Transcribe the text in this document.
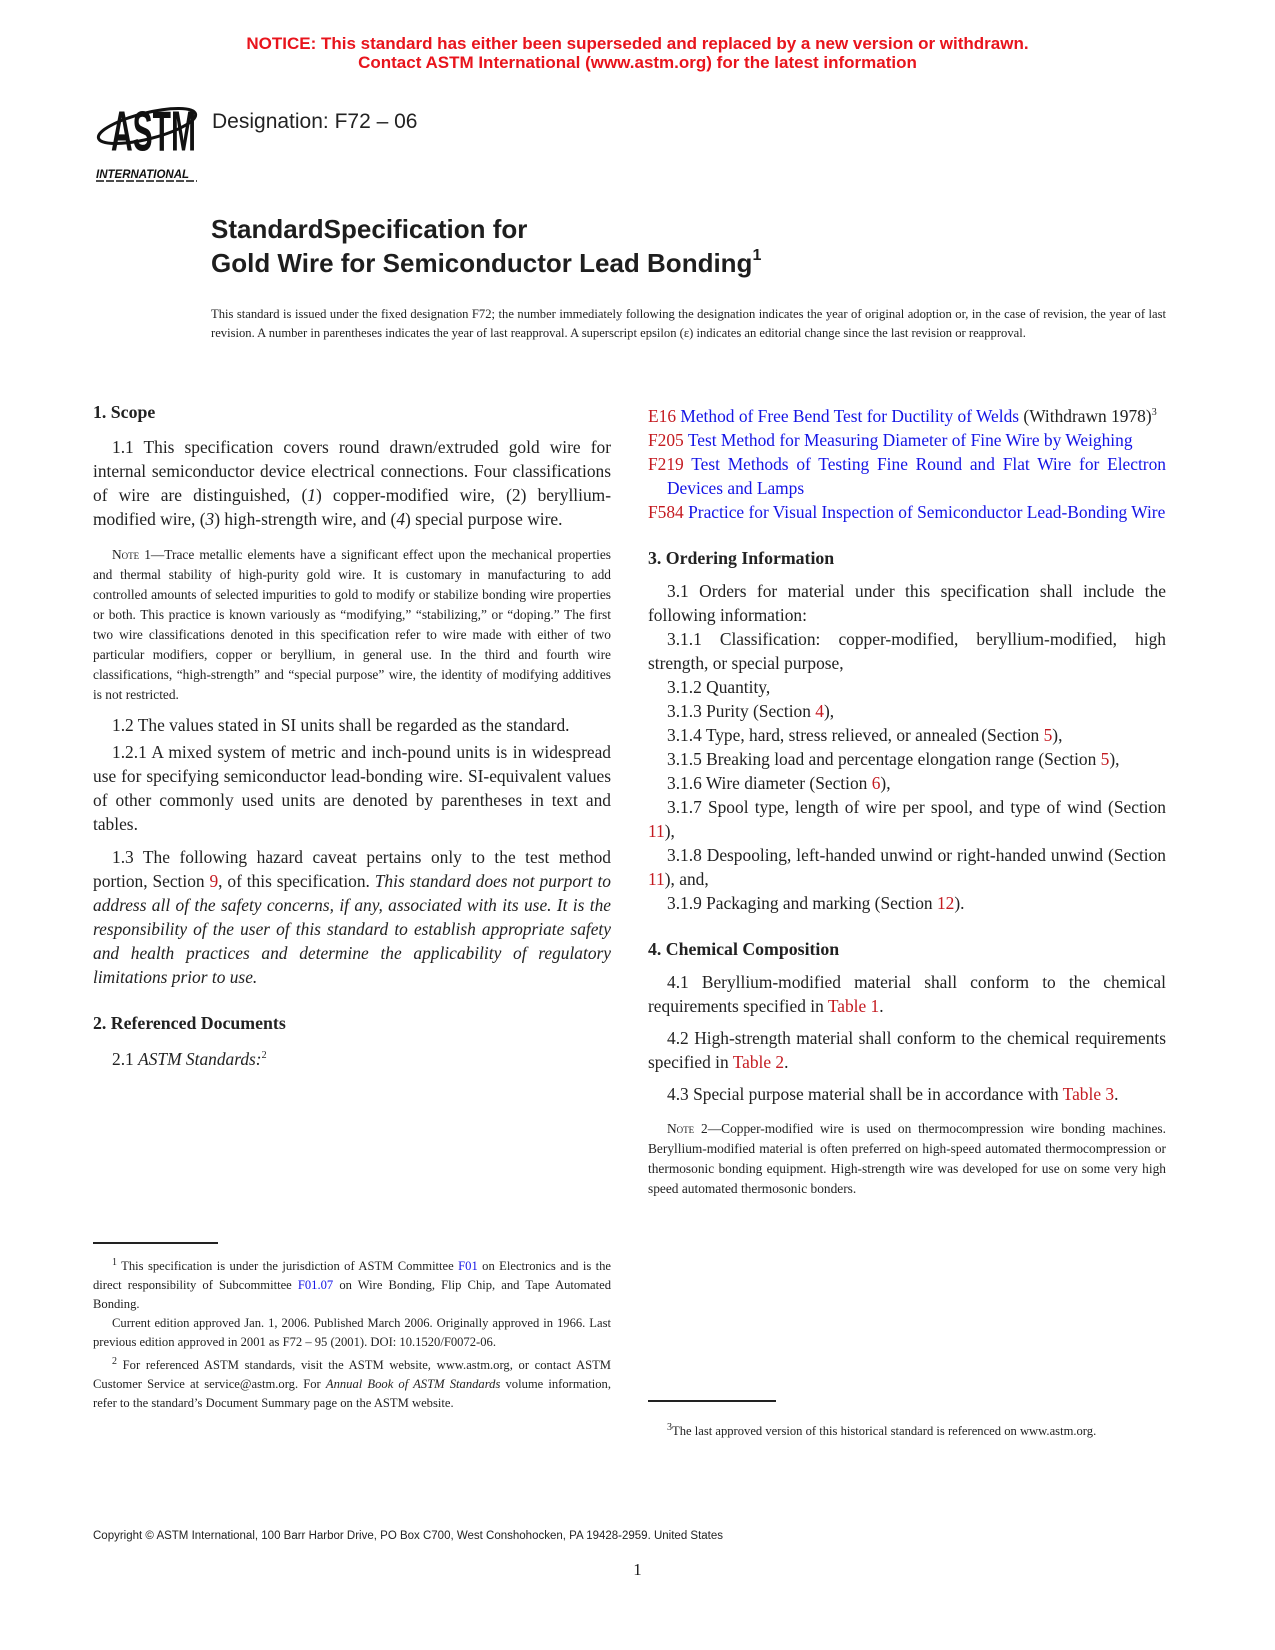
NOTICE: This standard has either been superseded and replaced by a new version or withdrawn.
Contact ASTM International (www.astm.org) for the latest information
ASTM
INTERNATIONAL
Designation: F72 – 06
StandardSpecification for
Gold Wire for Semiconductor Lead Bonding$^1$
This standard is issued under the fixed designation F72; the number immediately following the designation indicates the year of original adoption or, in the case of revision, the year of last revision. A number in parentheses indicates the year of last reapproval. A superscript epsilon (ε) indicates an editorial change since the last revision or reapproval.
1. Scope

1.1 This specification covers round drawn/extruded gold wire for internal semiconductor device electrical connections. Four classifications of wire are distinguished, (1) copper-modified wire, (2) beryllium-modified wire, (3) high-strength wire, and (4) special purpose wire.

Note 1—Trace metallic elements have a significant effect upon the mechanical properties and thermal stability of high-purity gold wire. It is customary in manufacturing to add controlled amounts of selected impurities to gold to modify or stabilize bonding wire properties or both. This practice is known variously as “modifying,” “stabilizing,” or “doping.” The first two wire classifications denoted in this specification refer to wire made with either of two particular modifiers, copper or beryllium, in general use. In the third and fourth wire classifications, “high-strength” and “special purpose” wire, the identity of modifying additives is not restricted.

1.2 The values stated in SI units shall be regarded as the standard.

1.2.1 A mixed system of metric and inch-pound units is in widespread use for specifying semiconductor lead-bonding wire. SI-equivalent values of other commonly used units are denoted by parentheses in text and tables.

1.3 The following hazard caveat pertains only to the test method portion, Section 9, of this specification. This standard does not purport to address all of the safety concerns, if any, associated with its use. It is the responsibility of the user of this standard to establish appropriate safety and health practices and determine the applicability of regulatory limitations prior to use.

2. Referenced Documents

2.1 ASTM Standards:$^2$

$^1$ This specification is under the jurisdiction of ASTM Committee F01 on Electronics and is the direct responsibility of Subcommittee F01.07 on Wire Bonding, Flip Chip, and Tape Automated Bonding.

Current edition approved Jan. 1, 2006. Published March 2006. Originally approved in 1966. Last previous edition approved in 2001 as F72 – 95 (2001). DOI: 10.1520/F0072-06.

$^2$ For referenced ASTM standards, visit the ASTM website, www.astm.org, or contact ASTM Customer Service at service@astm.org. For Annual Book of ASTM Standards volume information, refer to the standard’s Document Summary page on the ASTM website.

E16 Method of Free Bend Test for Ductility of Welds (Withdrawn 1978)$^3$
F205 Test Method for Measuring Diameter of Fine Wire by Weighing
F219 Test Methods of Testing Fine Round and Flat Wire for Electron Devices and Lamps
F584 Practice for Visual Inspection of Semiconductor Lead-Bonding Wire
3. Ordering Information

3.1 Orders for material under this specification shall include the following information:

3.1.1 Classification: copper-modified, beryllium-modified, high strength, or special purpose,

3.1.2 Quantity,

3.1.3 Purity (Section 4),

3.1.4 Type, hard, stress relieved, or annealed (Section 5),

3.1.5 Breaking load and percentage elongation range (Section 5),

3.1.6 Wire diameter (Section 6),

3.1.7 Spool type, length of wire per spool, and type of wind (Section 11),

3.1.8 Despooling, left-handed unwind or right-handed unwind (Section 11), and,

3.1.9 Packaging and marking (Section 12).

4. Chemical Composition

4.1 Beryllium-modified material shall conform to the chemical requirements specified in Table 1.

4.2 High-strength material shall conform to the chemical requirements specified in Table 2.

4.3 Special purpose material shall be in accordance with Table 3.

Note 2—Copper-modified wire is used on thermocompression wire bonding machines. Beryllium-modified material is often preferred on high-speed automated thermocompression or thermosonic bonding equipment. High-strength wire was developed for use on some very high speed automated thermosonic bonders.

$^3$The last approved version of this historical standard is referenced on www.astm.org.

Copyright © ASTM International, 100 Barr Harbor Drive, PO Box C700, West Conshohocken, PA 19428-2959. United States
1
